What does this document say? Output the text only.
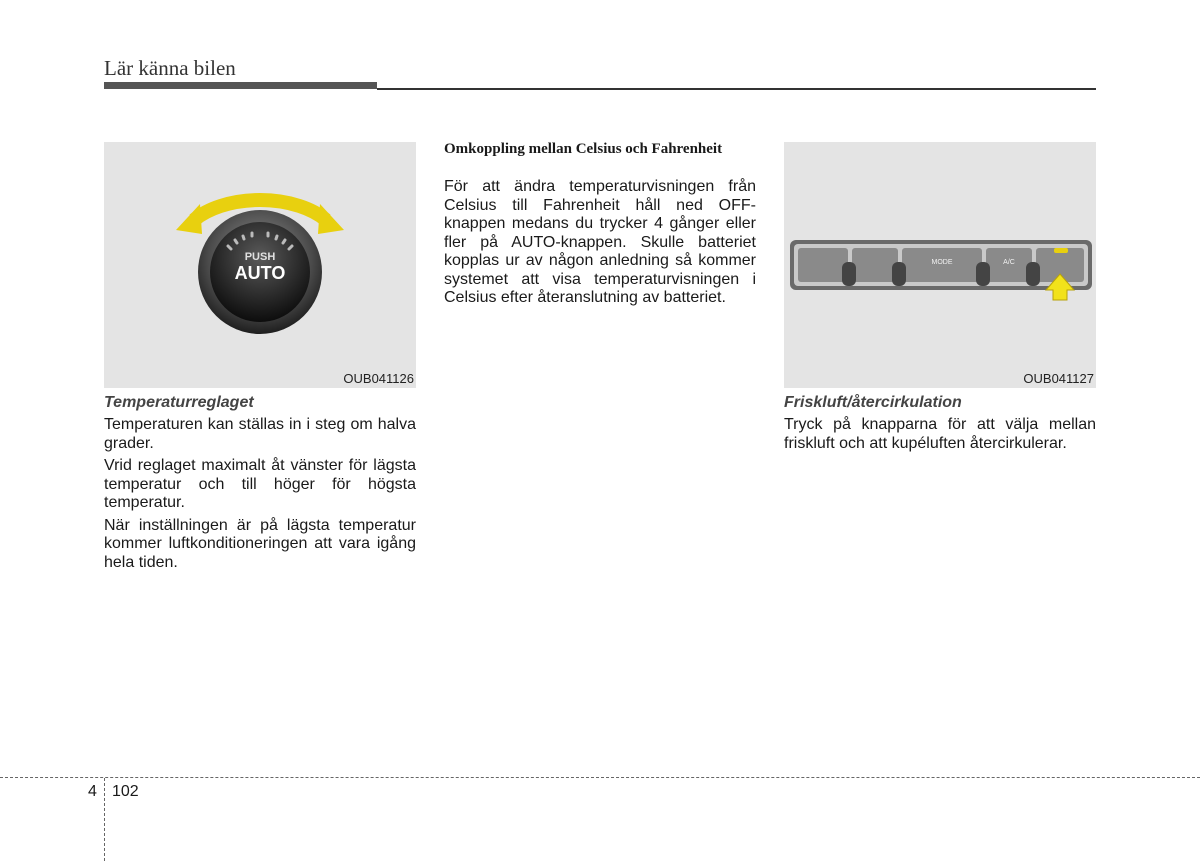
Lär känna bilen
PUSH
AUTO
OUB041126
Temperaturreglaget

Temperaturen kan ställas in i steg om halva grader.

Vrid reglaget maximalt åt vänster för lägsta temperatur och till höger för högsta temperatur.

När inställningen är på lägsta temperatur kommer luftkonditioneringen att vara igång hela tiden.

Omkoppling mellan Celsius och Fahrenheit

För att ändra temperaturvisningen från Celsius till Fahrenheit håll ned OFF-knappen medans du trycker 4 gånger eller fler på AUTO-knappen. Skulle batteriet kopplas ur av någon anledning så kommer systemet att visa temperaturvisningen i Celsius efter återanslutning av batteriet.

MODE	A/C
OUB041127
Friskluft/återcirkulation

Tryck på knapparna för att välja mellan friskluft och att kupéluften återcirkulerar.

4 102
